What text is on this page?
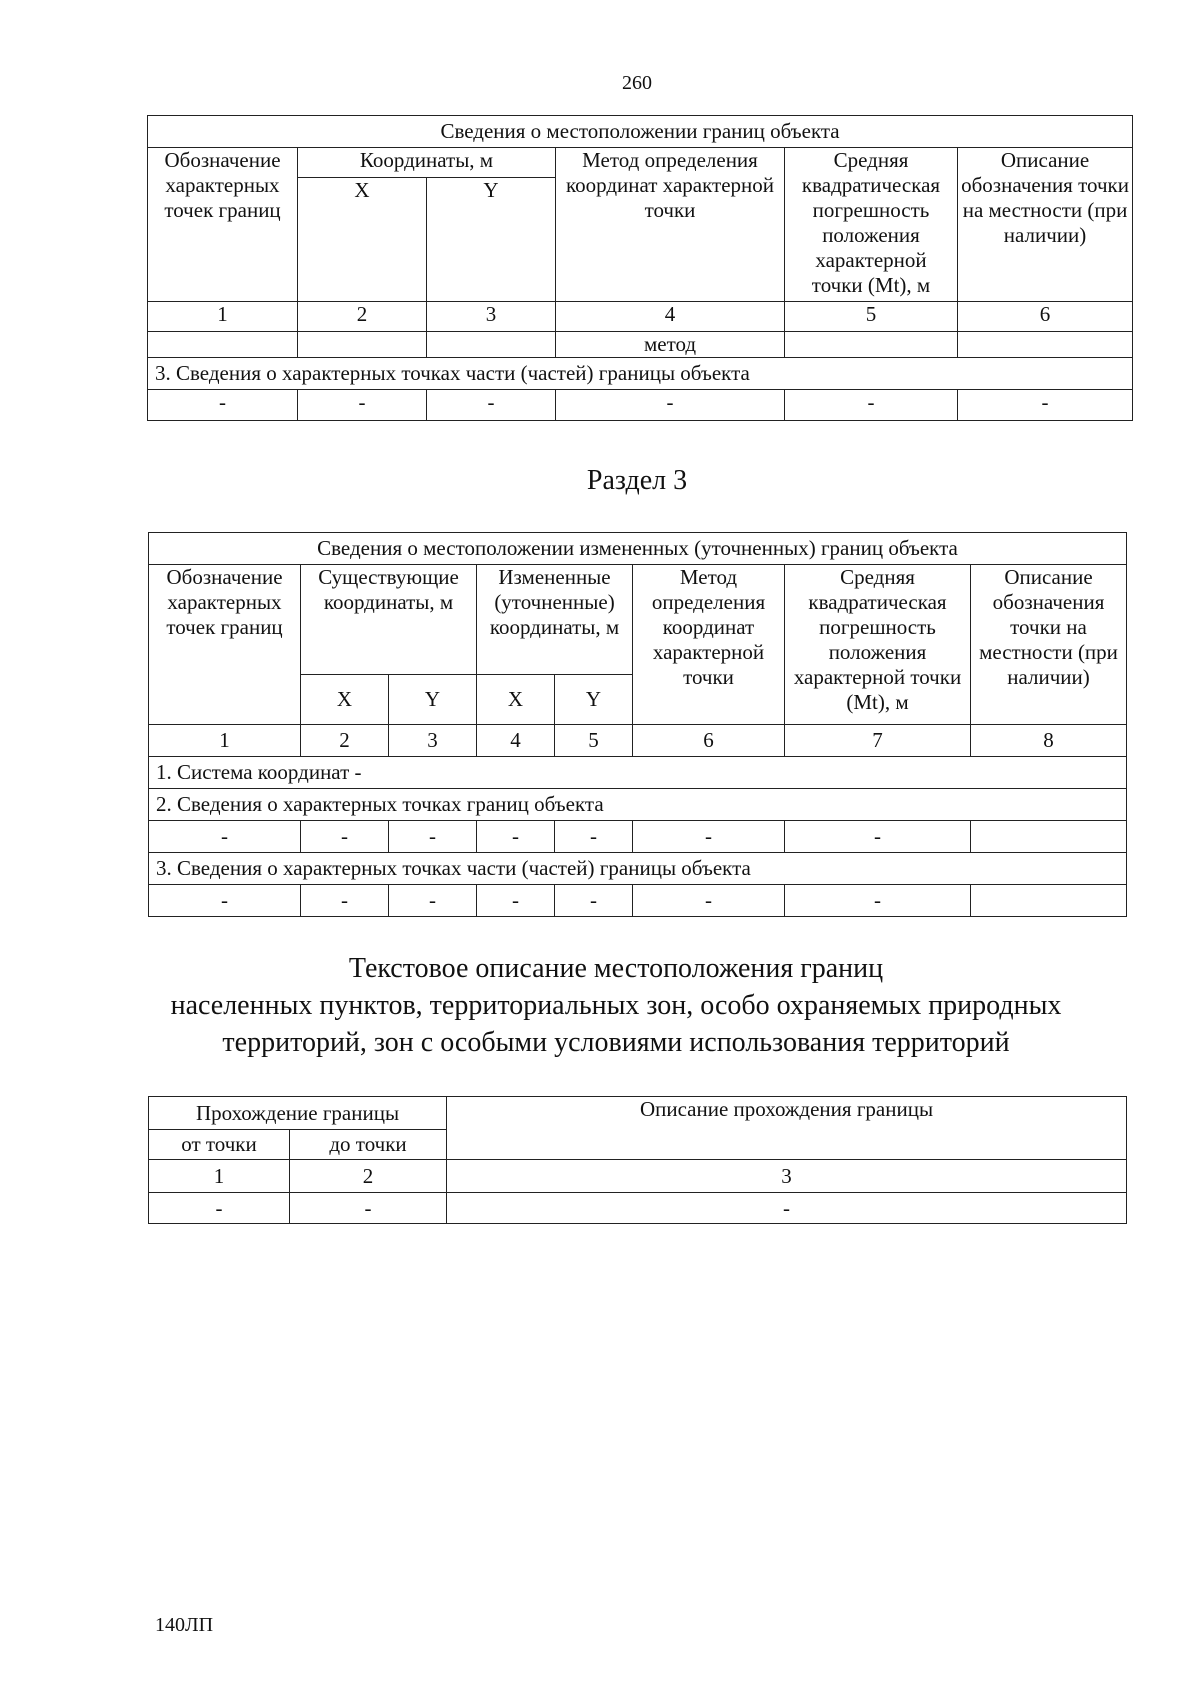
260
Сведения о местоположении границ объекта					
Обозначение характерных точек границ	Координаты, м		Метод определения координат характерной точки	Средняя квадратическая погрешность положения характерной точки (Mt), м	Описание обозначения точки на местности (при наличии)
	X	Y			
1	2	3	4	5	6
			метод		
3. Сведения о характерных точках части (частей) границы объекта					
-	-	-	-	-	-
Раздел 3
Сведения о местоположении измененных (уточненных) границ объекта							
Обозначение характерных точек границ	Существующие координаты, м		Измененные (уточненные) координаты, м		Метод определения координат характерной точки	Средняя квадратическая погрешность положения характерной точки (Mt), м	Описание обозначения точки на местности (при наличии)
	X	Y	X	Y			
1	2	3	4	5	6	7	8
1. Система координат -							
2. Сведения о характерных точках границ объекта							
-	-	-	-	-	-	-	
3. Сведения о характерных точках части (частей) границы объекта							
-	-	-	-	-	-	-	
Текстовое описание местоположения границ
населенных пунктов, территориальных зон, особо охраняемых природных
территорий, зон с особыми условиями использования территорий
Прохождение границы		Описание прохождения границы
от точки	до точки	
1	2	3
-	-	-
140ЛП
